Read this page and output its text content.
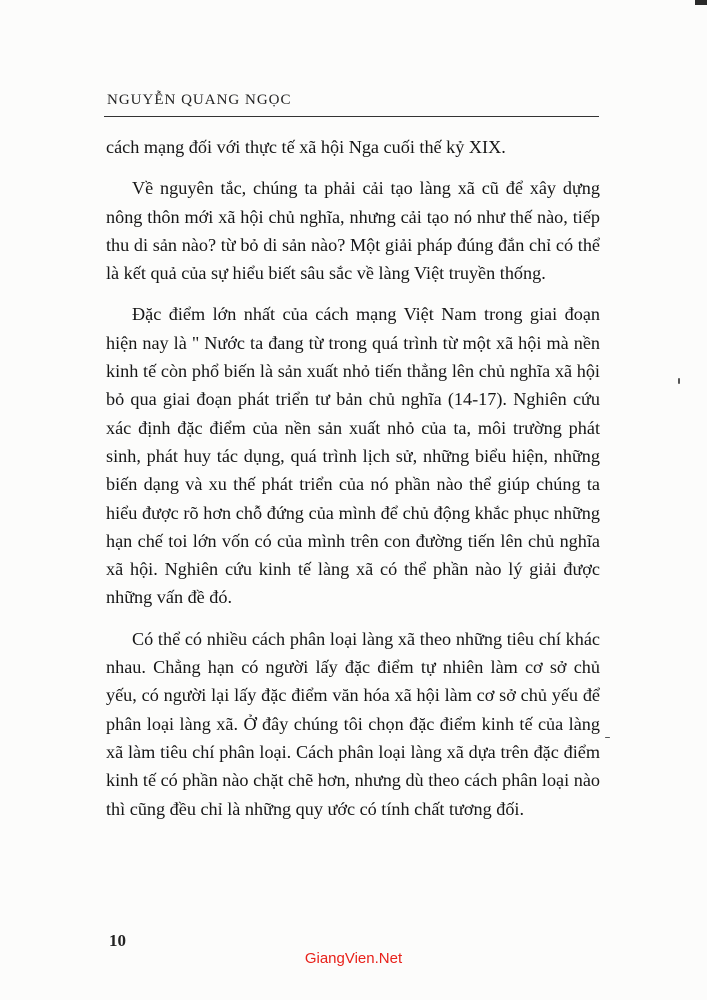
NGUYỄN QUANG NGỌC

cách mạng đối với thực tế xã hội Nga cuối thế kỷ XIX.

Về nguyên tắc, chúng ta phải cải tạo làng xã cũ để xây dựng nông thôn mới xã hội chủ nghĩa, nhưng cải tạo nó như thế nào, tiếp thu di sản nào? từ bỏ di sản nào? Một giải pháp đúng đắn chỉ có thể là kết quả của sự hiểu biết sâu sắc về làng Việt truyền thống.

Đặc điểm lớn nhất của cách mạng Việt Nam trong giai đoạn hiện nay là " Nước ta đang từ trong quá trình từ một xã hội mà nền kinh tế còn phổ biến là sản xuất nhỏ tiến thẳng lên chủ nghĩa xã hội bỏ qua giai đoạn phát triển tư bản chủ nghĩa (14-17). Nghiên cứu xác định đặc điểm của nền sản xuất nhỏ của ta, môi trường phát sinh, phát huy tác dụng, quá trình lịch sử, những biểu hiện, những biến dạng và xu thế phát triển của nó phần nào thể giúp chúng ta hiểu được rõ hơn chỗ đứng của mình để chủ động khắc phục những hạn chế toi lớn vốn có của mình trên con đường tiến lên chủ nghĩa xã hội. Nghiên cứu kinh tế làng xã có thể phần nào lý giải được những vấn đề đó.

Có thể có nhiều cách phân loại làng xã theo những tiêu chí khác nhau. Chẳng hạn có người lấy đặc điểm tự nhiên làm cơ sở chủ yếu, có người lại lấy đặc điểm văn hóa xã hội làm cơ sở chủ yếu để phân loại làng xã. Ở đây chúng tôi chọn đặc điểm kinh tế của làng xã làm tiêu chí phân loại. Cách phân loại làng xã dựa trên đặc điểm kinh tế có phần nào chặt chẽ hơn, nhưng dù theo cách phân loại nào thì cũng đều chỉ là những quy ước có tính chất tương đối.

10
GiangVien.Net
